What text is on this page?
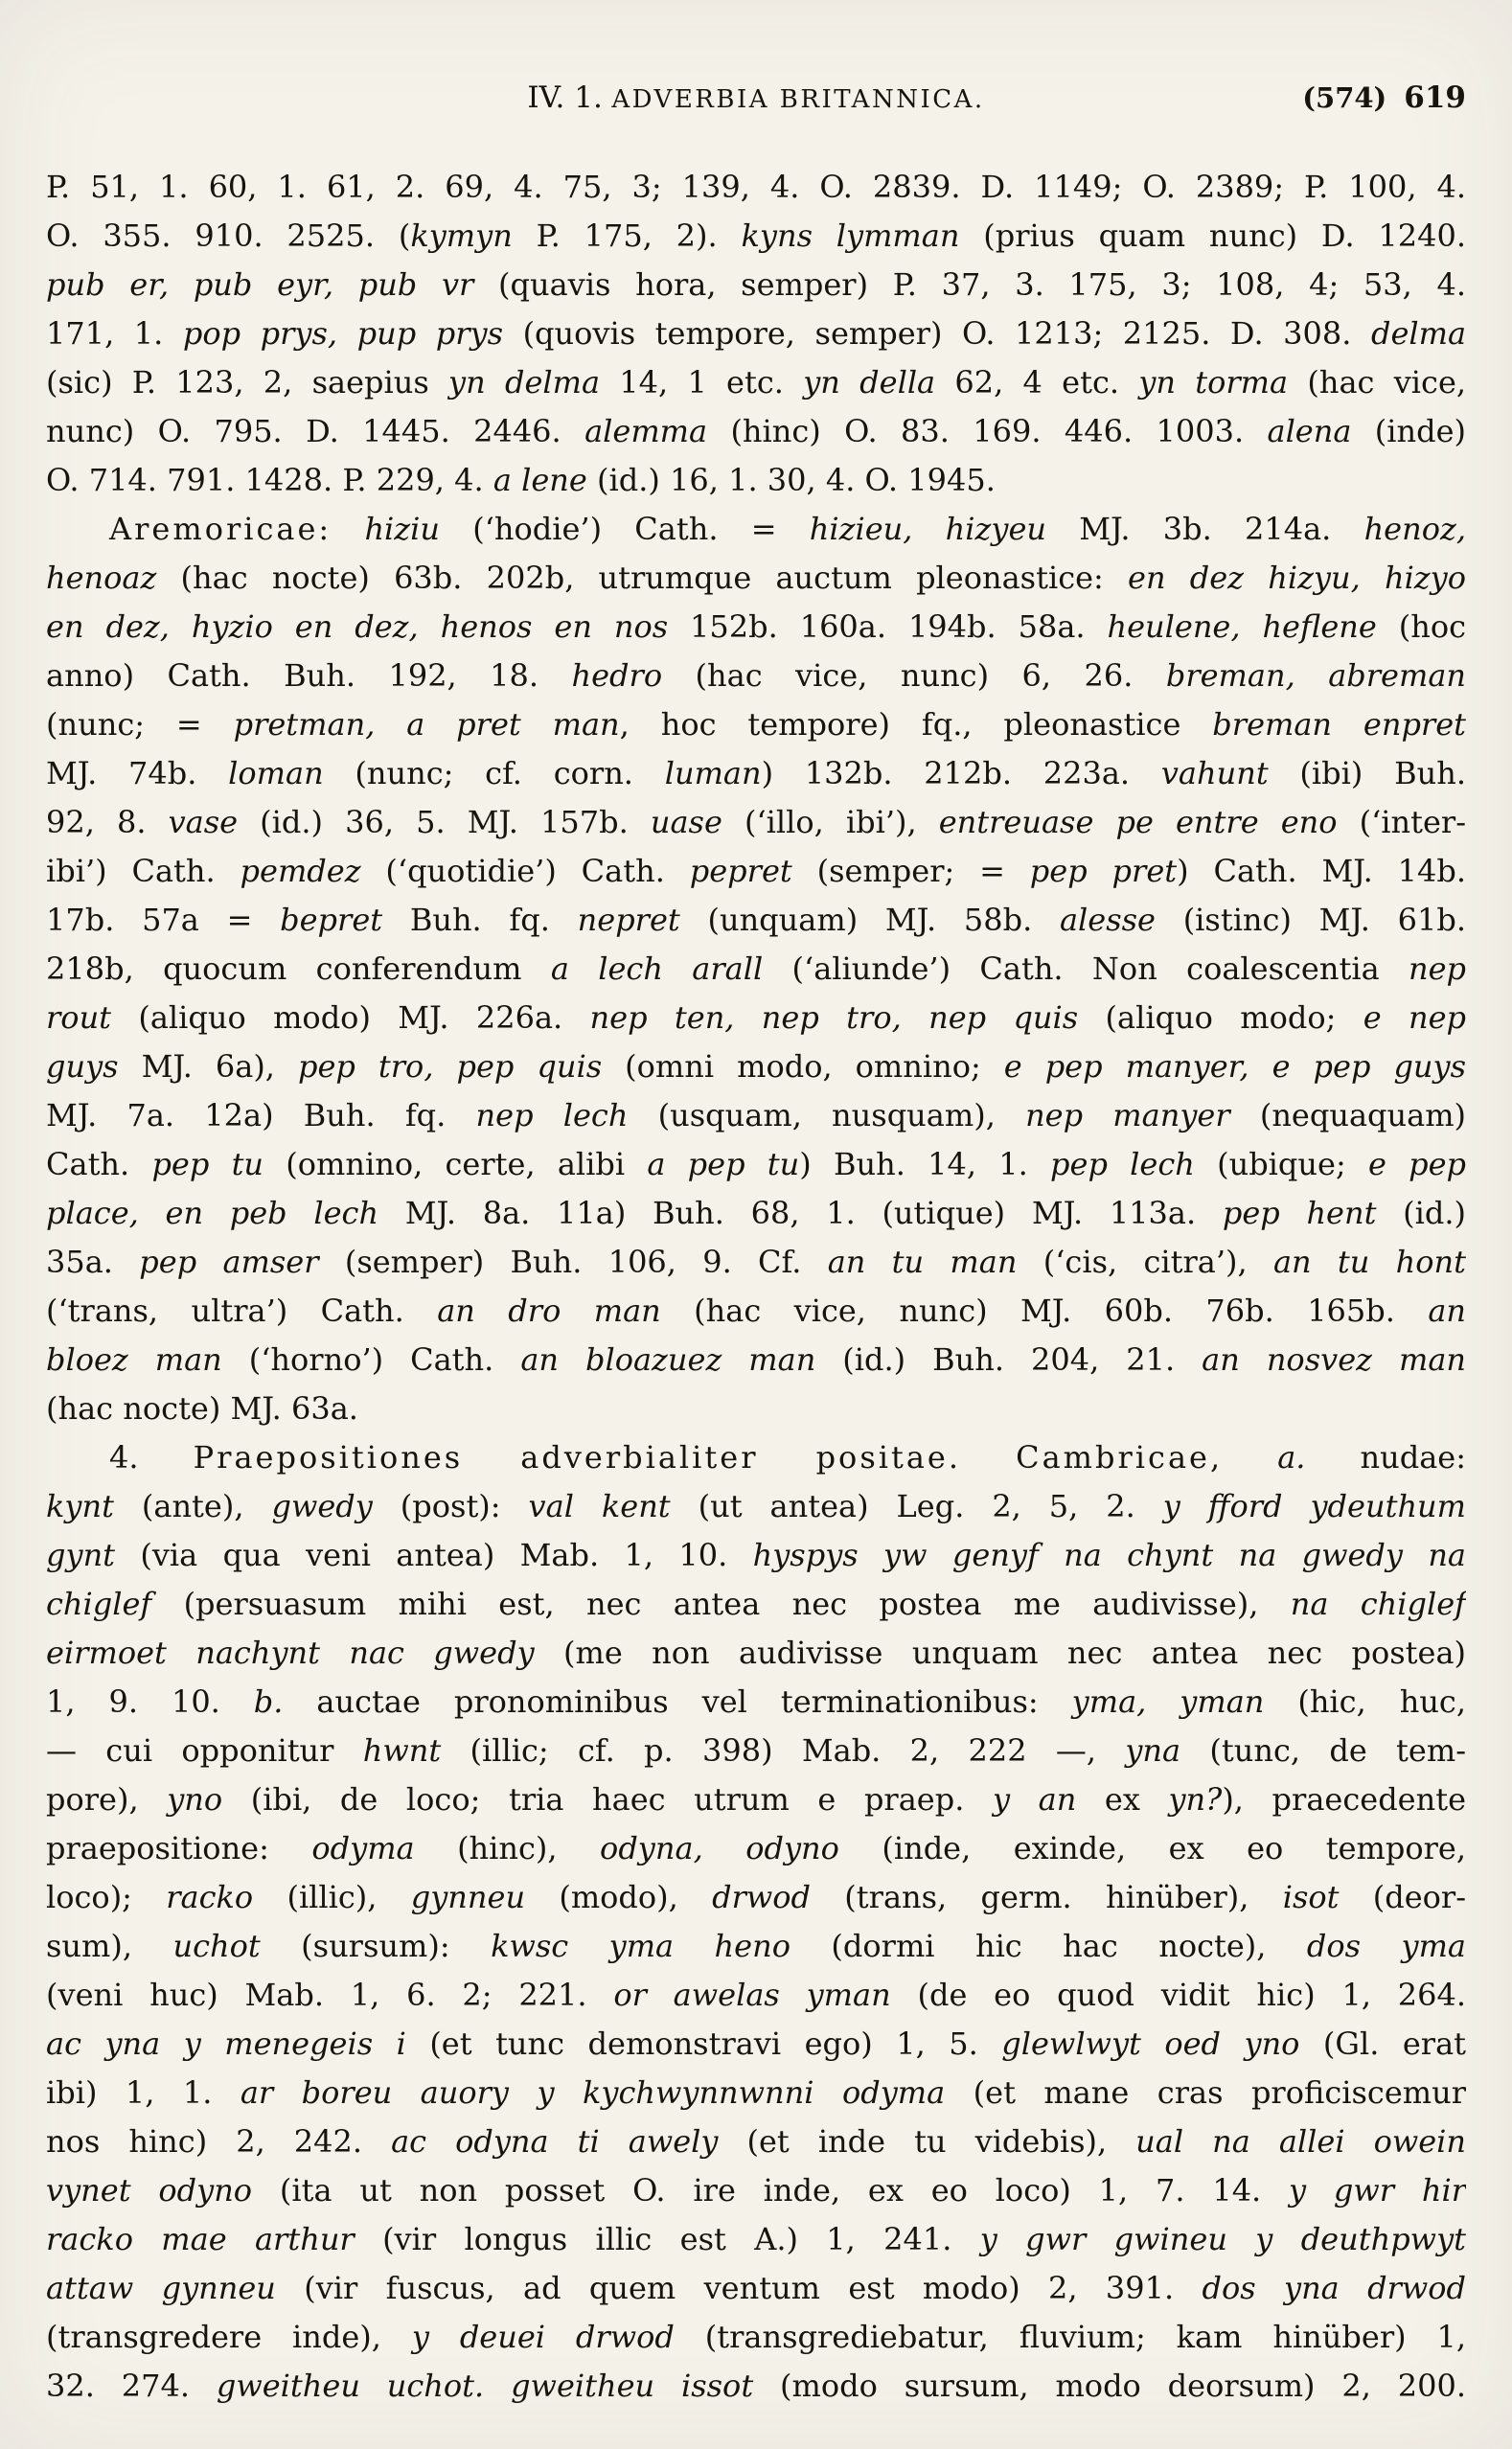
IV. 1. ADVERBIA BRITANNICA.	(574) 619
P. 51, 1. 60, 1. 61, 2. 69, 4. 75, 3; 139, 4. O. 2839. D. 1149; O. 2389; P. 100, 4.
O. 355. 910. 2525. (kymyn P. 175, 2). kyns lymman (prius quam nunc) D. 1240.
pub er, pub eyr, pub vr (quavis hora, semper) P. 37, 3. 175, 3; 108, 4; 53, 4.
171, 1. pop prys, pup prys (quovis tempore, semper) O. 1213; 2125. D. 308. delma
(sic) P. 123, 2, saepius yn delma 14, 1 etc. yn della 62, 4 etc. yn torma (hac vice,
nunc) O. 795. D. 1445. 2446. alemma (hinc) O. 83. 169. 446. 1003. alena (inde)
O. 714. 791. 1428. P. 229, 4. a lene (id.) 16, 1. 30, 4. O. 1945.
Aremoricae: hiziu (‘hodie’) Cath. = hizieu, hizyeu MJ. 3b. 214a. henoz,
henoaz (hac nocte) 63b. 202b, utrumque auctum pleonastice: en dez hizyu, hizyo
en dez, hyzio en dez, henos en nos 152b. 160a. 194b. 58a. heulene, heflene (hoc
anno) Cath. Buh. 192, 18. hedro (hac vice, nunc) 6, 26. breman, abreman
(nunc; = pretman, a pret man, hoc tempore) fq., pleonastice breman enpret
MJ. 74b. loman (nunc; cf. corn. luman) 132b. 212b. 223a. vahunt (ibi) Buh.
92, 8. vase (id.) 36, 5. MJ. 157b. uase (‘illo, ibi’), entreuase pe entre eno (‘inter-
ibi’) Cath. pemdez (‘quotidie’) Cath. pepret (semper; = pep pret) Cath. MJ. 14b.
17b. 57a = bepret Buh. fq. nepret (unquam) MJ. 58b. alesse (istinc) MJ. 61b.
218b, quocum conferendum a lech arall (‘aliunde’) Cath. Non coalescentia nep
rout (aliquo modo) MJ. 226a. nep ten, nep tro, nep quis (aliquo modo; e nep
guys MJ. 6a), pep tro, pep quis (omni modo, omnino; e pep manyer, e pep guys
MJ. 7a. 12a) Buh. fq. nep lech (usquam, nusquam), nep manyer (nequaquam)
Cath. pep tu (omnino, certe, alibi a pep tu) Buh. 14, 1. pep lech (ubique; e pep
place, en peb lech MJ. 8a. 11a) Buh. 68, 1. (utique) MJ. 113a. pep hent (id.)
35a. pep amser (semper) Buh. 106, 9. Cf. an tu man (‘cis, citra’), an tu hont
(‘trans, ultra’) Cath. an dro man (hac vice, nunc) MJ. 60b. 76b. 165b. an
bloez man (‘horno’) Cath. an bloazuez man (id.) Buh. 204, 21. an nosvez man
(hac nocte) MJ. 63a.
4. Praepositiones adverbialiter positae. Cambricae, a. nudae:
kynt (ante), gwedy (post): val kent (ut antea) Leg. 2, 5, 2. y fford ydeuthum
gynt (via qua veni antea) Mab. 1, 10. hyspys yw genyf na chynt na gwedy na
chiglef (persuasum mihi est, nec antea nec postea me audivisse), na chiglef
eirmoet nachynt nac gwedy (me non audivisse unquam nec antea nec postea)
1, 9. 10. b. auctae pronominibus vel terminationibus: yma, yman (hic, huc,
— cui opponitur hwnt (illic; cf. p. 398) Mab. 2, 222 —, yna (tunc, de tem-
pore), yno (ibi, de loco; tria haec utrum e praep. y an ex yn?), praecedente
praepositione: odyma (hinc), odyna, odyno (inde, exinde, ex eo tempore,
loco); racko (illic), gynneu (modo), drwod (trans, germ. hinüber), isot (deor-
sum), uchot (sursum): kwsc yma heno (dormi hic hac nocte), dos yma
(veni huc) Mab. 1, 6. 2; 221. or awelas yman (de eo quod vidit hic) 1, 264.
ac yna y menegeis i (et tunc demonstravi ego) 1, 5. glewlwyt oed yno (Gl. erat
ibi) 1, 1. ar boreu auory y kychwynnwnni odyma (et mane cras proficiscemur
nos hinc) 2, 242. ac odyna ti awely (et inde tu videbis), ual na allei owein
vynet odyno (ita ut non posset O. ire inde, ex eo loco) 1, 7. 14. y gwr hir
racko mae arthur (vir longus illic est A.) 1, 241. y gwr gwineu y deuthpwyt
attaw gynneu (vir fuscus, ad quem ventum est modo) 2, 391. dos yna drwod
(transgredere inde), y deuei drwod (transgrediebatur, fluvium; kam hinüber) 1,
32. 274. gweitheu uchot. gweitheu issot (modo sursum, modo deorsum) 2, 200.
